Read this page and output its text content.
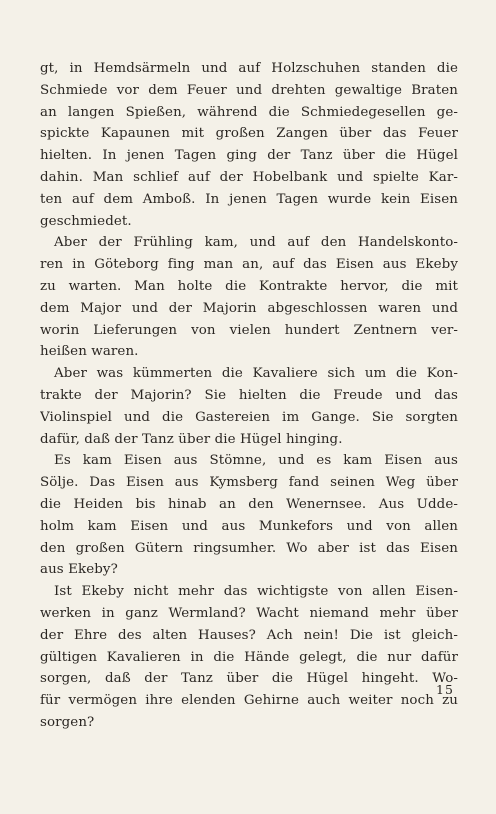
gt, in Hemdsärmeln und auf Holzschuhen standen die
Schmiede vor dem Feuer und drehten gewaltige Braten
an langen Spießen, während die Schmiedegesellen ge-
spickte Kapaunen mit großen Zangen über das Feuer
hielten. In jenen Tagen ging der Tanz über die Hügel
dahin. Man schlief auf der Hobelbank und spielte Kar-
ten auf dem Amboß. In jenen Tagen wurde kein Eisen
geschmiedet.
Aber der Frühling kam, und auf den Handelskonto-
ren in Göteborg fing man an, auf das Eisen aus Ekeby
zu warten. Man holte die Kontrakte hervor, die mit
dem Major und der Majorin abgeschlossen waren und
worin Lieferungen von vielen hundert Zentnern ver-
heißen waren.
Aber was kümmerten die Kavaliere sich um die Kon-
trakte der Majorin? Sie hielten die Freude und das
Violinspiel und die Gastereien im Gange. Sie sorgten
dafür, daß der Tanz über die Hügel hinging.
Es kam Eisen aus Stömne, und es kam Eisen aus
Sölje. Das Eisen aus Kymsberg fand seinen Weg über
die Heiden bis hinab an den Wenernsee. Aus Udde-
holm kam Eisen und aus Munkefors und von allen
den großen Gütern ringsumher. Wo aber ist das Eisen
aus Ekeby?
Ist Ekeby nicht mehr das wichtigste von allen Eisen-
werken in ganz Wermland? Wacht niemand mehr über
der Ehre des alten Hauses? Ach nein! Die ist gleich-
gültigen Kavalieren in die Hände gelegt, die nur dafür
sorgen, daß der Tanz über die Hügel hingeht. Wo-
für vermögen ihre elenden Gehirne auch weiter noch zu
sorgen?
15
